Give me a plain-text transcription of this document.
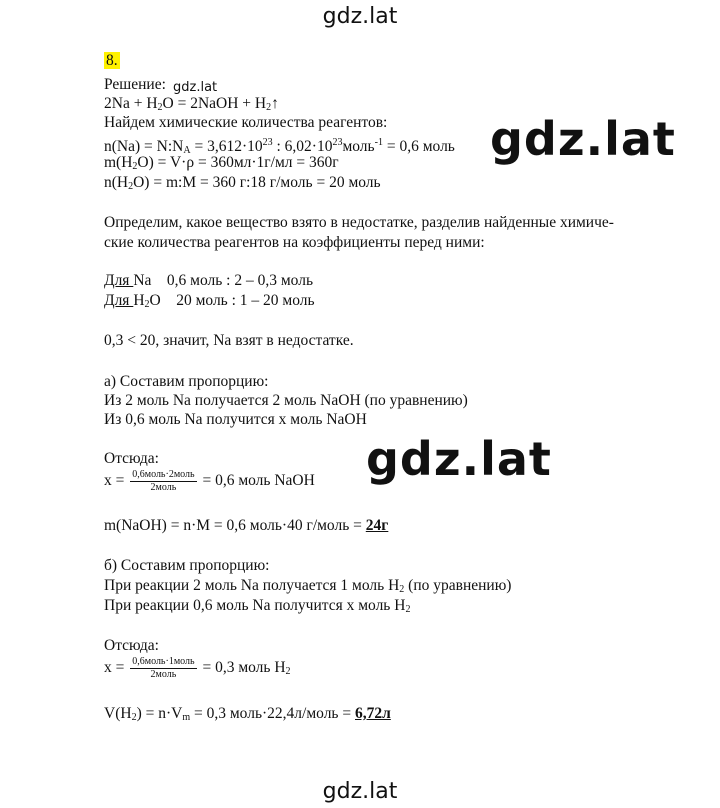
gdz.lat
gdz.lat
gdz.lat
gdz.lat
gdz.lat
8.
Решение:
$2Na + H_2O$ = 2NaOH + $H_2↑$
Найдем химические количества реагентов:
$n(Na) = N:N_A = 3,612\cdot 10^{23}$ : $6,02\cdot 10^{23}моль^{-1} = 0,6$ моль
$m(H_2O) = V\cdot\rho = 360мл\cdot 1г/мл = 360г$
$n(H_2O)$ = m:M = 360 г:18 г/моль = 20 моль
Определим, какое вещество взято в недостатке, разделив найденные химиче-
ские количества реагентов на коэффициенты перед ними:
Для Na    0,6 моль : 2 – 0,3 моль
Для $H_2O$    20 моль : 1 – 20 моль
0,3 < 20, значит, Na взят в недостатке.
а) Составим пропорцию:
Из 2 моль Na получается 2 моль NaOH (по уравнению)
Из 0,6 моль Na получится х моль NaOH
Отсюда:
$x = \frac{\text{0,6моль·2моль}}{\text{2моль}} = 0,6$ моль NaOH
m(NaOH) = n·M = 0,6 моль·40 г/моль = 24г
б) Составим пропорцию:
При реакции 2 моль Na получается 1 моль $H_2$ (по уравнению)
При реакции 0,6 моль Na получится х моль $H_2$
Отсюда:
$x = \frac{\text{0,6моль·1моль}}{\text{2моль}} = 0,3$ моль $H_2$
$V(H_2) = n\cdot V_m = 0,3$ моль·22,4л/моль = 6,72л
